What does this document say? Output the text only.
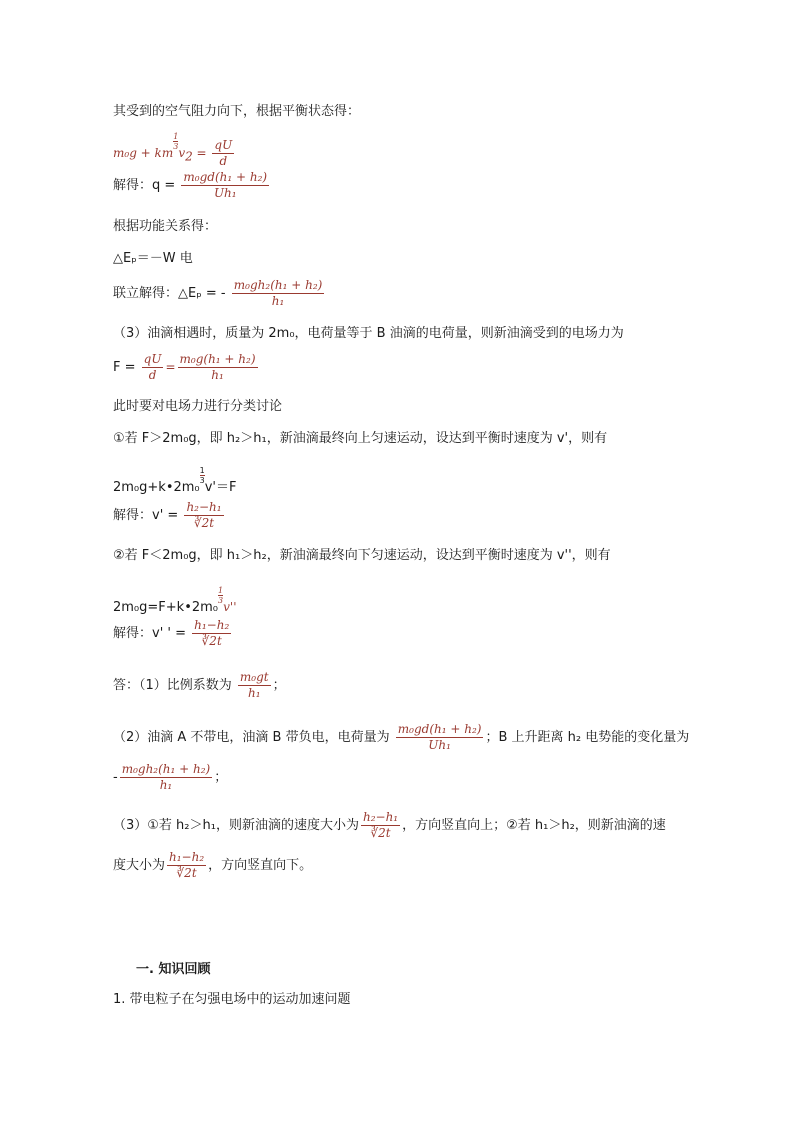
其受到的空气阻力向下，根据平衡状态得：
m₀g + km
$\frac{1}{3}$
$v_2 = \frac{qU}{d}$
解得：$q = \frac{\text{m₀gd(h₁ + h₂)}}{\text{Uh₁}}$
根据功能关系得：
△Eₚ＝－W 电
联立解得：△Eₚ = - $\frac{\text{m₀gh₂(h₁ + h₂)}}{\text{h₁}}$
（3）油滴相遇时，质量为 2m₀，电荷量等于 B 油滴的电荷量，则新油滴受到的电场力为
$F = \frac{qU}{d} = \frac{\text{m₀g(h₁ + h₂)}}{\text{h₁}}$
此时要对电场力进行分类讨论
①若 F＞2m₀g，即 h₂＞h₁，新油滴最终向上匀速运动，设达到平衡时速度为 v'，则有
2m₀g+k•2m₀
$\frac{1}{3}$
v'＝F
解得：$v' = \frac{\text{h₂−h₁}}{∛2t}$
②若 F＜2m₀g，即 h₁＞h₂，新油滴最终向下匀速运动，设达到平衡时速度为 v''，则有
2m₀g=F+k•2m₀
$\frac{1}{3}$
v''
解得：v' ' = $\frac{\text{h₁−h₂}}{∛2t}$
答：（1）比例系数为 $\frac{\text{m₀gt}}{\text{h₁}}$ ；
（2）油滴 A 不带电，油滴 B 带负电，电荷量为 $\frac{\text{m₀gd(h₁ + h₂)}}{\text{Uh₁}}$ ；B 上升距离 h₂ 电势能的变化量为
- $\frac{\text{m₀gh₂(h₁ + h₂)}}{\text{h₁}}$ ；
（3）①若 h₂＞h₁，则新油滴的速度大小为 $\frac{\text{h₂−h₁}}{∛2t}$ ，方向竖直向上；②若 h₁＞h₂，则新油滴的速
度大小为 $\frac{\text{h₁−h₂}}{∛2t}$ ，方向竖直向下。
一. 知识回顾
1. 带电粒子在匀强电场中的运动加速问题
